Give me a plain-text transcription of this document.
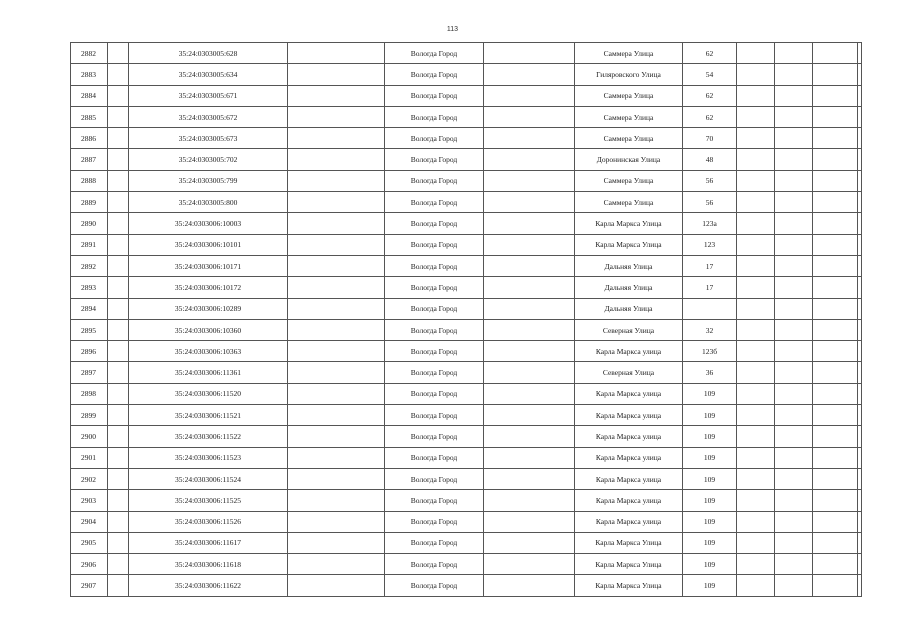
113
2882		35:24:0303005:628		Вологда Город		Саммера Улица	62				
2883		35:24:0303005:634		Вологда Город		Гиляровского Улица	54				
2884		35:24:0303005:671		Вологда Город		Саммера Улица	62				
2885		35:24:0303005:672		Вологда Город		Саммера Улица	62				
2886		35:24:0303005:673		Вологда Город		Саммера Улица	70				
2887		35:24:0303005:702		Вологда Город		Доронинская Улица	48				
2888		35:24:0303005:799		Вологда Город		Саммера Улица	56				
2889		35:24:0303005:800		Вологда Город		Саммера Улица	56				
2890		35:24:0303006:10003		Вологда Город		Карла Маркса Улица	123а				
2891		35:24:0303006:10101		Вологда Город		Карла Маркса Улица	123				
2892		35:24:0303006:10171		Вологда Город		Дальняя Улица	17				
2893		35:24:0303006:10172		Вологда Город		Дальняя Улица	17				
2894		35:24:0303006:10289		Вологда Город		Дальняя Улица					
2895		35:24:0303006:10360		Вологда Город		Северная Улица	32				
2896		35:24:0303006:10363		Вологда Город		Карла Маркса улица	123б				
2897		35:24:0303006:11361		Вологда Город		Северная Улица	36				
2898		35:24:0303006:11520		Вологда Город		Карла Маркса улица	109				
2899		35:24:0303006:11521		Вологда Город		Карла Маркса улица	109				
2900		35:24:0303006:11522		Вологда Город		Карла Маркса улица	109				
2901		35:24:0303006:11523		Вологда Город		Карла Маркса улица	109				
2902		35:24:0303006:11524		Вологда Город		Карла Маркса улица	109				
2903		35:24:0303006:11525		Вологда Город		Карла Маркса улица	109				
2904		35:24:0303006:11526		Вологда Город		Карла Маркса улица	109				
2905		35:24:0303006:11617		Вологда Город		Карла Маркса Улица	109				
2906		35:24:0303006:11618		Вологда Город		Карла Маркса Улица	109				
2907		35:24:0303006:11622		Вологда Город		Карла Маркса Улица	109				
